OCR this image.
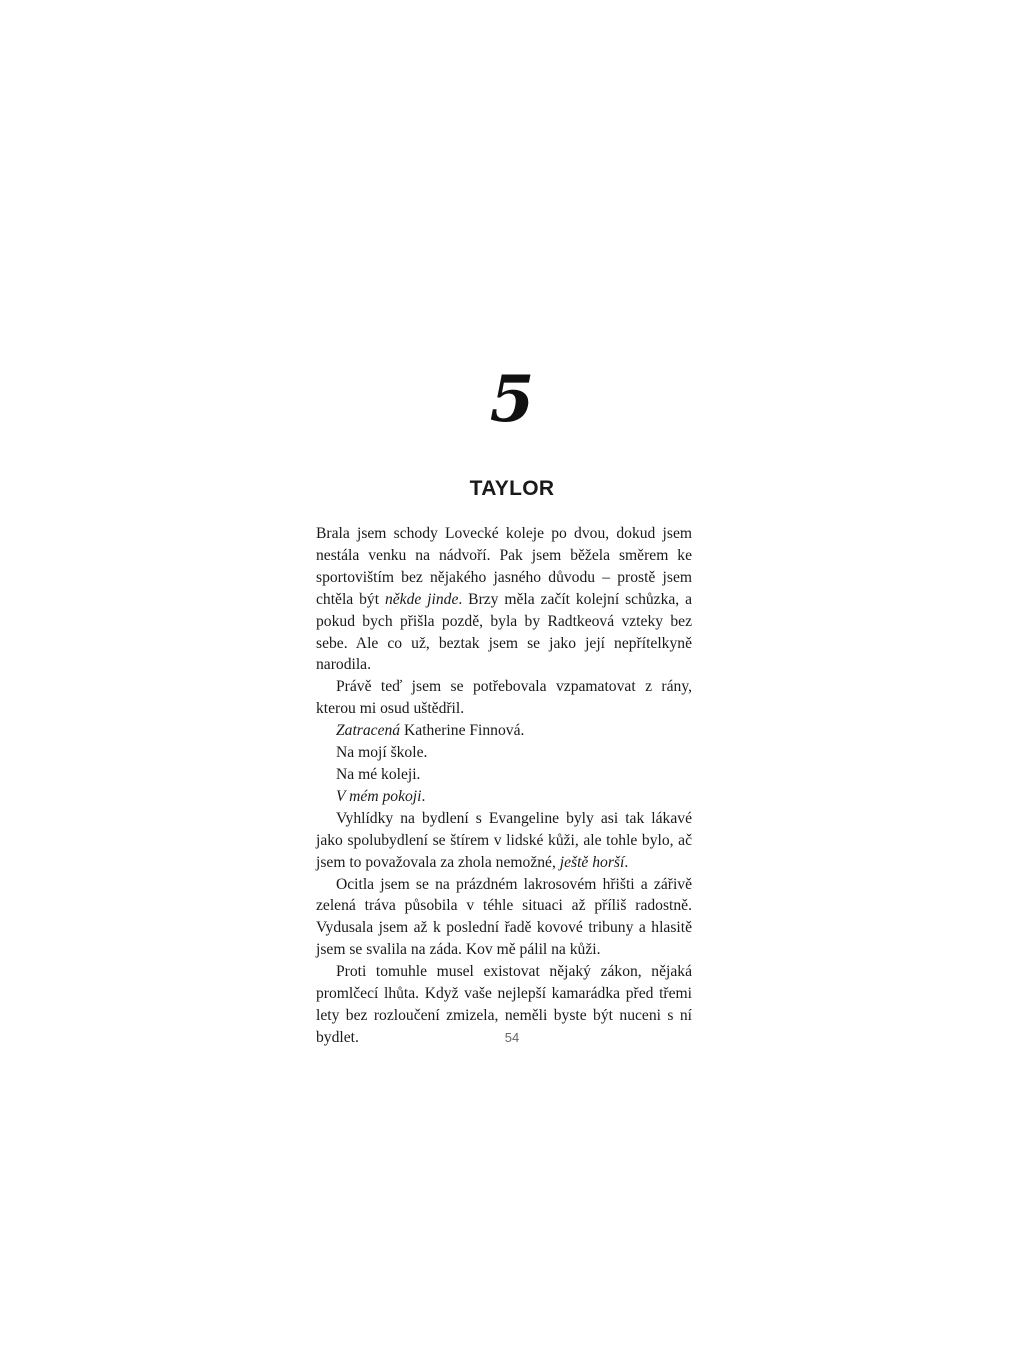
5
TAYLOR

Brala jsem schody Lovecké koleje po dvou, dokud jsem nestála venku na nádvoří. Pak jsem běžela směrem ke sportovištím bez nějakého jasného důvodu – prostě jsem chtěla být někde jinde. Brzy měla začít kolejní schůzka, a pokud bych přišla pozdě, byla by Radtkeová vzteky bez sebe. Ale co už, beztak jsem se jako její nepřítelkyně narodila.

Právě teď jsem se potřebovala vzpamatovat z rány, kterou mi osud uštědřil.

Zatracená Katherine Finnová.

Na mojí škole.

Na mé koleji.

V mém pokoji.

Vyhlídky na bydlení s Evangeline byly asi tak lákavé jako spolubydlení se štírem v lidské kůži, ale tohle bylo, ač jsem to považovala za zhola nemožné, ještě horší.

Ocitla jsem se na prázdném lakrosovém hřišti a zářivě zelená tráva působila v téhle situaci až příliš radostně. Vydusala jsem až k poslední řadě kovové tribuny a hlasitě jsem se svalila na záda. Kov mě pálil na kůži.

Proti tomuhle musel existovat nějaký zákon, nějaká promlčecí lhůta. Když vaše nejlepší kamarádka před třemi lety bez rozloučení zmizela, neměli byste být nuceni s ní bydlet.	54
